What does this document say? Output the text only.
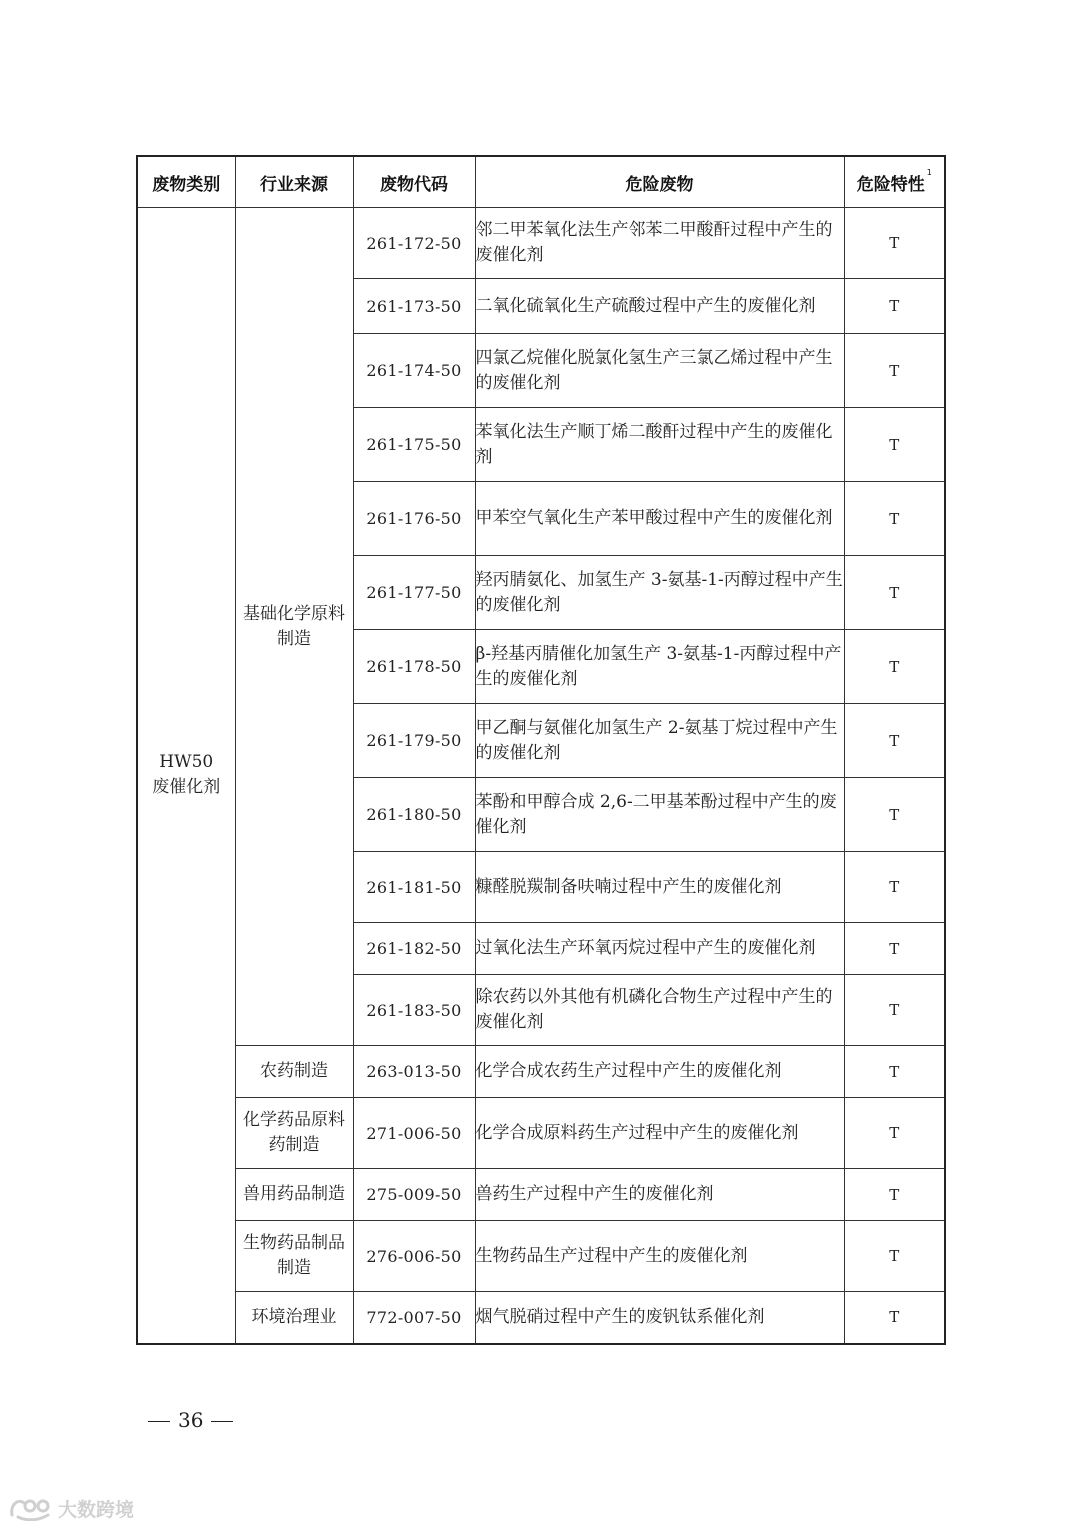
废物类别	行业来源	废物代码	危险废物	危险特性$^1$

HW50
废催化剂	基础化学原料制造	261-172-50	邻二甲苯氧化法生产邻苯二甲酸酐过程中产生的废催化剂	T
		261-173-50	二氧化硫氧化生产硫酸过程中产生的废催化剂	T
		261-174-50	四氯乙烷催化脱氯化氢生产三氯乙烯过程中产生的废催化剂	T
		261-175-50	苯氧化法生产顺丁烯二酸酐过程中产生的废催化剂	T
		261-176-50	甲苯空气氧化生产苯甲酸过程中产生的废催化剂	T
		261-177-50	羟丙腈氨化、加氢生产 3-氨基-1-丙醇过程中产生的废催化剂	T
		261-178-50	β-羟基丙腈催化加氢生产 3-氨基-1-丙醇过程中产生的废催化剂	T
		261-179-50	甲乙酮与氨催化加氢生产 2-氨基丁烷过程中产生的废催化剂	T
		261-180-50	苯酚和甲醇合成 2,6-二甲基苯酚过程中产生的废催化剂	T
		261-181-50	糠醛脱羰制备呋喃过程中产生的废催化剂	T
		261-182-50	过氧化法生产环氧丙烷过程中产生的废催化剂	T
		261-183-50	除农药以外其他有机磷化合物生产过程中产生的废催化剂	T
	农药制造	263-013-50	化学合成农药生产过程中产生的废催化剂	T
	化学药品原料药制造	271-006-50	化学合成原料药生产过程中产生的废催化剂	T
	兽用药品制造	275-009-50	兽药生产过程中产生的废催化剂	T
	生物药品制品制造	276-006-50	生物药品生产过程中产生的废催化剂	T
	环境治理业	772-007-50	烟气脱硝过程中产生的废钒钛系催化剂	T
36
大数跨境
